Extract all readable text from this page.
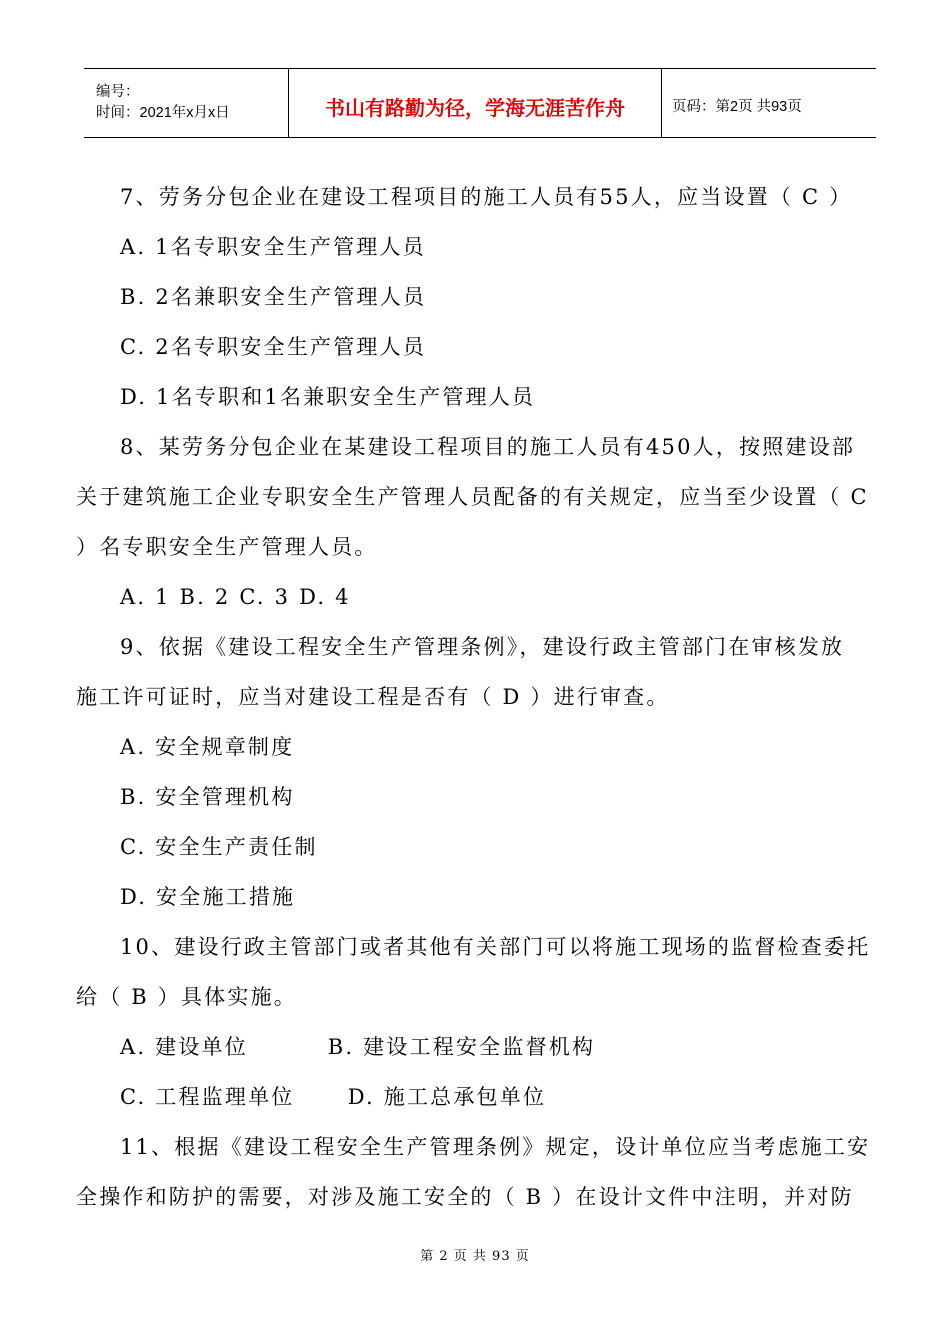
编号：
时间：2021年x月x日	书山有路勤为径，学海无涯苦作舟	页码：第2页 共93页
7、劳务分包企业在建设工程项目的施工人员有55人，应当设置（ C ）
A. 1名专职安全生产管理人员
B. 2名兼职安全生产管理人员
C. 2名专职安全生产管理人员
D. 1名专职和1名兼职安全生产管理人员
8、某劳务分包企业在某建设工程项目的施工人员有450人，按照建设部
关于建筑施工企业专职安全生产管理人员配备的有关规定，应当至少设置（ C
）名专职安全生产管理人员。
A. 1 B. 2 C. 3 D. 4
9、依据《建设工程安全生产管理条例》，建设行政主管部门在审核发放
施工许可证时，应当对建设工程是否有（ D ）进行审查。
A. 安全规章制度
B. 安全管理机构
C. 安全生产责任制
D. 安全施工措施
10、建设行政主管部门或者其他有关部门可以将施工现场的监督检查委托
给（ B ）具体实施。
A. 建设单位         B. 建设工程安全监督机构
C. 工程监理单位      D. 施工总承包单位
11、根据《建设工程安全生产管理条例》规定，设计单位应当考虑施工安
全操作和防护的需要，对涉及施工安全的（ B ）在设计文件中注明，并对防
第 2 页 共 93 页
